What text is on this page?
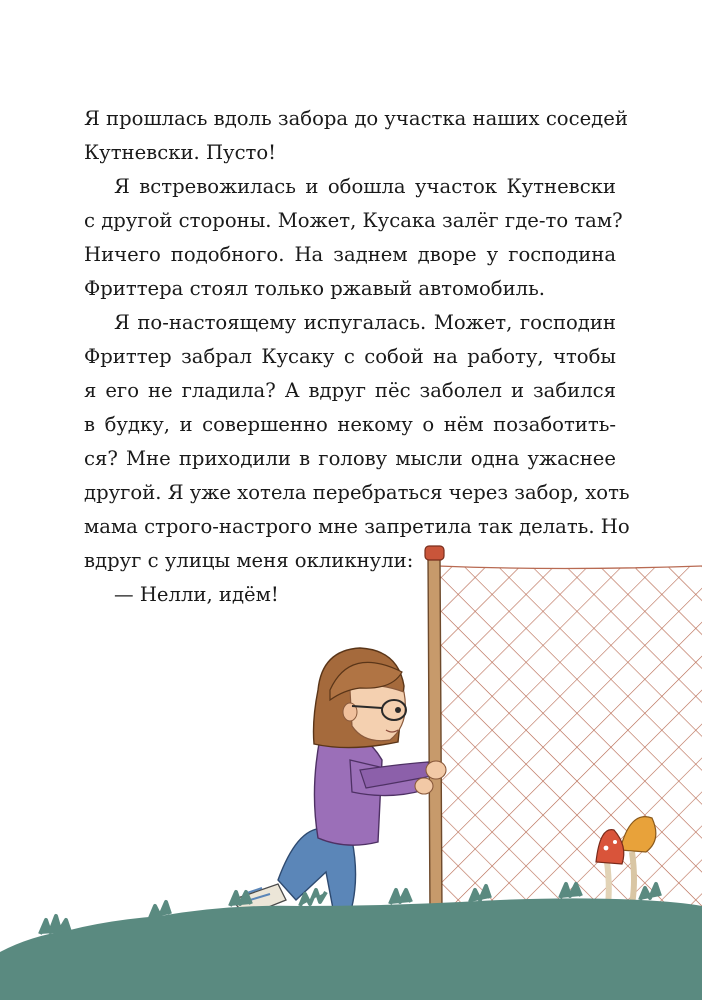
Я прошлась вдоль забора до участка наших соседей
Кутневски. Пусто!

Я встревожилась и обошла участок Кутневски
с другой стороны. Может, Кусака залёг где-то там?
Ничего подобного. На заднем дворе у господина
Фриттера стоял только ржавый автомобиль.

Я по-настоящему испугалась. Может, господин
Фриттер забрал Кусаку с собой на работу, чтобы
я его не гладила? А вдруг пёс заболел и забился
в будку, и совершенно некому о нём позаботить-
ся? Мне приходили в голову мысли одна ужаснее
другой. Я уже хотела перебраться через забор, хоть
мама строго-настрого мне запретила так делать. Но
вдруг с улицы меня окликнули:

— Нелли, идём!
